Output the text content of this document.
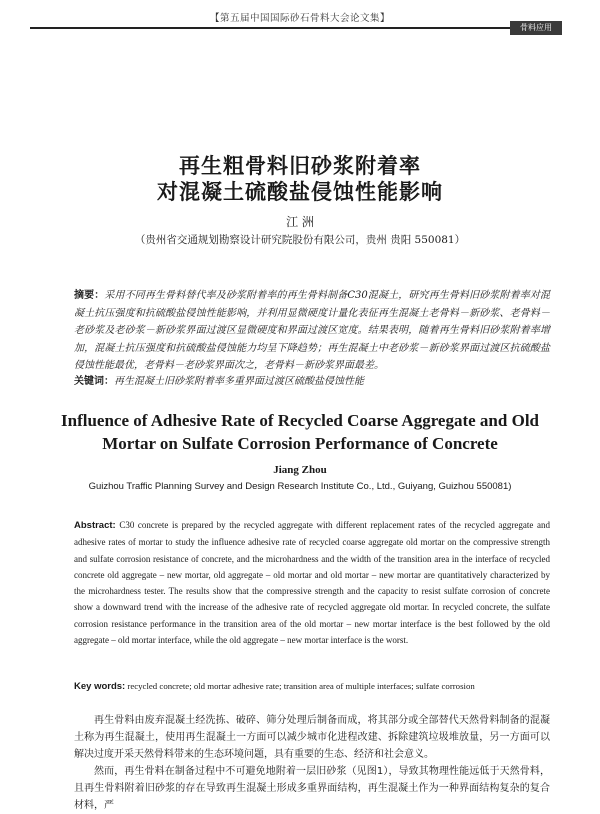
【第五届中国国际砂石骨料大会论文集】
骨料应用
再生粗骨料旧砂浆附着率
对混凝土硫酸盐侵蚀性能影响
江 洲
（贵州省交通规划勘察设计研究院股份有限公司，贵州 贵阳 550081）
摘要：采用不同再生骨料替代率及砂浆附着率的再生骨料制备C30混凝土，研究再生骨料旧砂浆附着率对混凝土抗压强度和抗硫酸盐侵蚀性能影响，并利用显微硬度计量化表征再生混凝土老骨料－新砂浆、老骨料－老砂浆及老砂浆－新砂浆界面过渡区显微硬度和界面过渡区宽度。结果表明，随着再生骨料旧砂浆附着率增加，混凝土抗压强度和抗硫酸盐侵蚀能力均呈下降趋势；再生混凝土中老砂浆－新砂浆界面过渡区抗硫酸盐侵蚀性能最优，老骨料－老砂浆界面次之，老骨料－新砂浆界面最差。
关键词：再生混凝土旧砂浆附着率多重界面过渡区硫酸盐侵蚀性能
Influence of Adhesive Rate of Recycled Coarse Aggregate and Old
Mortar on Sulfate Corrosion Performance of Concrete
Jiang Zhou
Guizhou Traffic Planning Survey and Design Research Institute Co., Ltd., Guiyang, Guizhou 550081)
Abstract: C30 concrete is prepared by the recycled aggregate with different replacement rates of the recycled aggregate and adhesive rates of mortar to study the influence adhesive rate of recycled coarse aggregate old mortar on the compressive strength and sulfate corrosion resistance of concrete, and the microhardness and the width of the transition area in the interface of recycled concrete old aggregate – new mortar, old aggregate – old mortar and old mortar – new mortar are quantitatively characterized by the microhardness tester. The results show that the compressive strength and the capacity to resist sulfate corrosion of concrete show a downward trend with the increase of the adhesive rate of recycled aggregate old mortar. In recycled concrete, the sulfate corrosion resistance performance in the transition area of the old mortar – new mortar interface is the best followed by the old aggregate – old mortar interface, while the old aggregate – new mortar interface is the worst.
Key words: recycled concrete; old mortar adhesive rate; transition area of multiple interfaces; sulfate corrosion

再生骨料由废弃混凝土经洗拣、破碎、筛分处理后制备而成，将其部分或全部替代天然骨料制备的混凝土称为再生混凝土，使用再生混凝土一方面可以减少城市化进程改建、拆除建筑垃圾堆放量，另一方面可以解决过度开采天然骨料带来的生态环境问题，具有重要的生态、经济和社会意义。

然而，再生骨料在制备过程中不可避免地附着一层旧砂浆（见图1），导致其物理性能远低于天然骨料，且再生骨料附着旧砂浆的存在导致再生混凝土形成多重界面结构，再生混凝土作为一种界面结构复杂的复合材料，严
